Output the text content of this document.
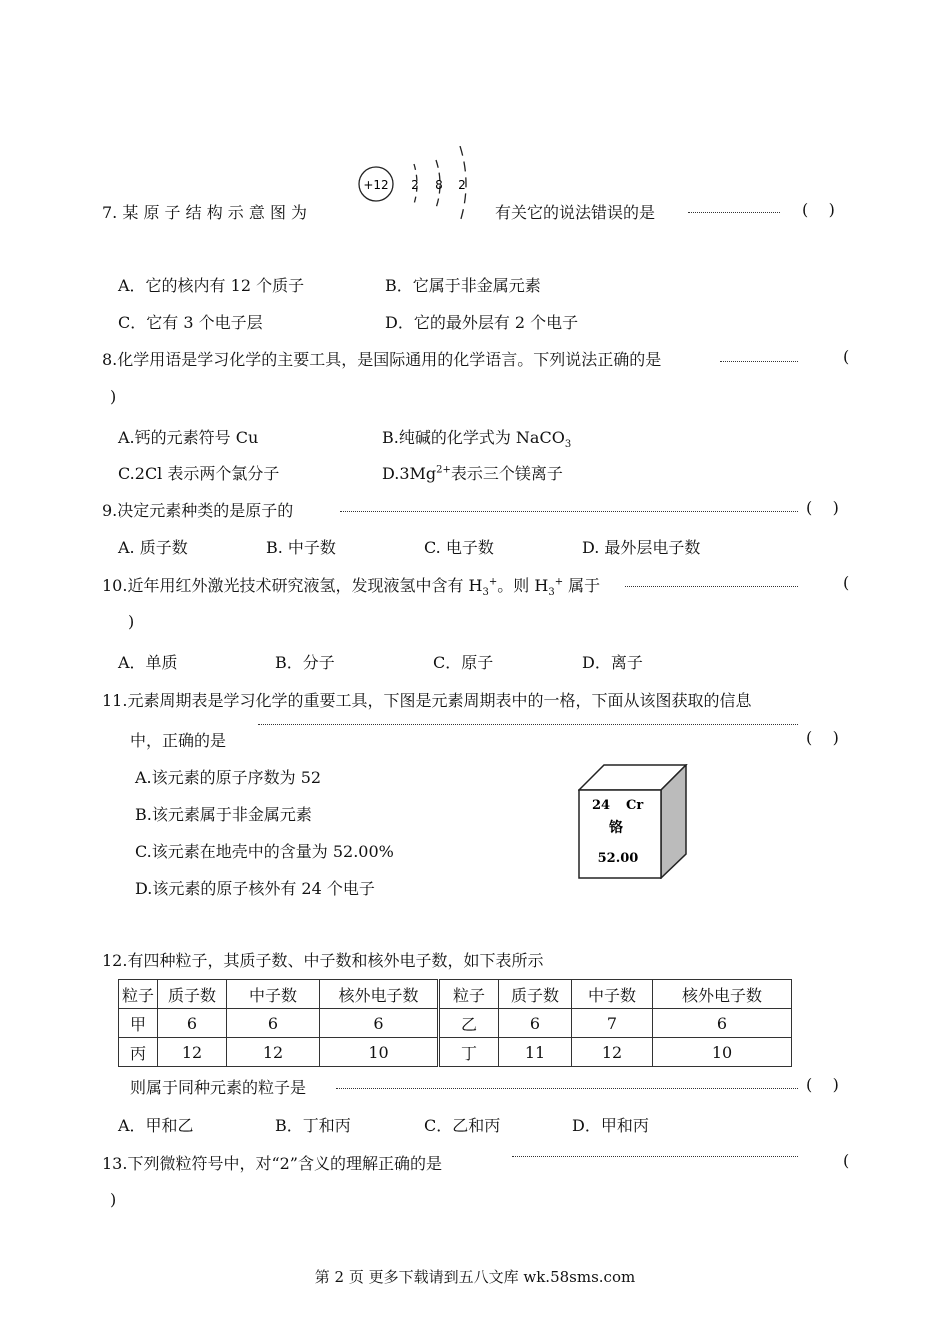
7. 某 原 子 结 构 示 意 图 为
+12 2 8 2
有关它的说法错误的是	(    )
A．它的核内有 12 个质子	B．它属于非金属元素
C．它有 3 个电子层	D．它的最外层有 2 个电子
8.化学用语是学习化学的主要工具，是国际通用的化学语言。下列说法正确的是	(
)
A.钙的元素符号 Cu	B.纯碱的化学式为 NaCO$_3$
C.2Cl 表示两个氯分子	$D.3Mg^{2+}$表示三个镁离子
9.决定元素种类的是原子的	(    )
A. 质子数	B. 中子数	C. 电子数	D. 最外层电子数
10.近年用红外激光技术研究液氢，发现液氢中含有 $H_3^+$。则 $H_3^+$ 属于	(
)
A．单质	B．分子	C．原子	D．离子
11.元素周期表是学习化学的重要工具，下图是元素周期表中的一格，下面从该图获取的信息
中，正确的是	(    )
A.该元素的原子序数为 52
B.该元素属于非金属元素
C.该元素在地壳中的含量为 52.00%
D.该元素的原子核外有 24 个电子
24 Cr
铬
52.00
12.有四种粒子，其质子数、中子数和核外电子数，如下表所示
粒子	质子数	中子数	核外电子数	粒子	质子数	中子数	核外电子数
甲	6	6	6	乙	6	7	6
丙	12	12	10	丁	11	12	10
则属于同种元素的粒子是	(    )
A．甲和乙	B．丁和丙	C．乙和丙	D．甲和丙
13.下列微粒符号中，对“2”含义的理解正确的是	(
)
第 2 页 更多下载请到五八文库 wk.58sms.com
